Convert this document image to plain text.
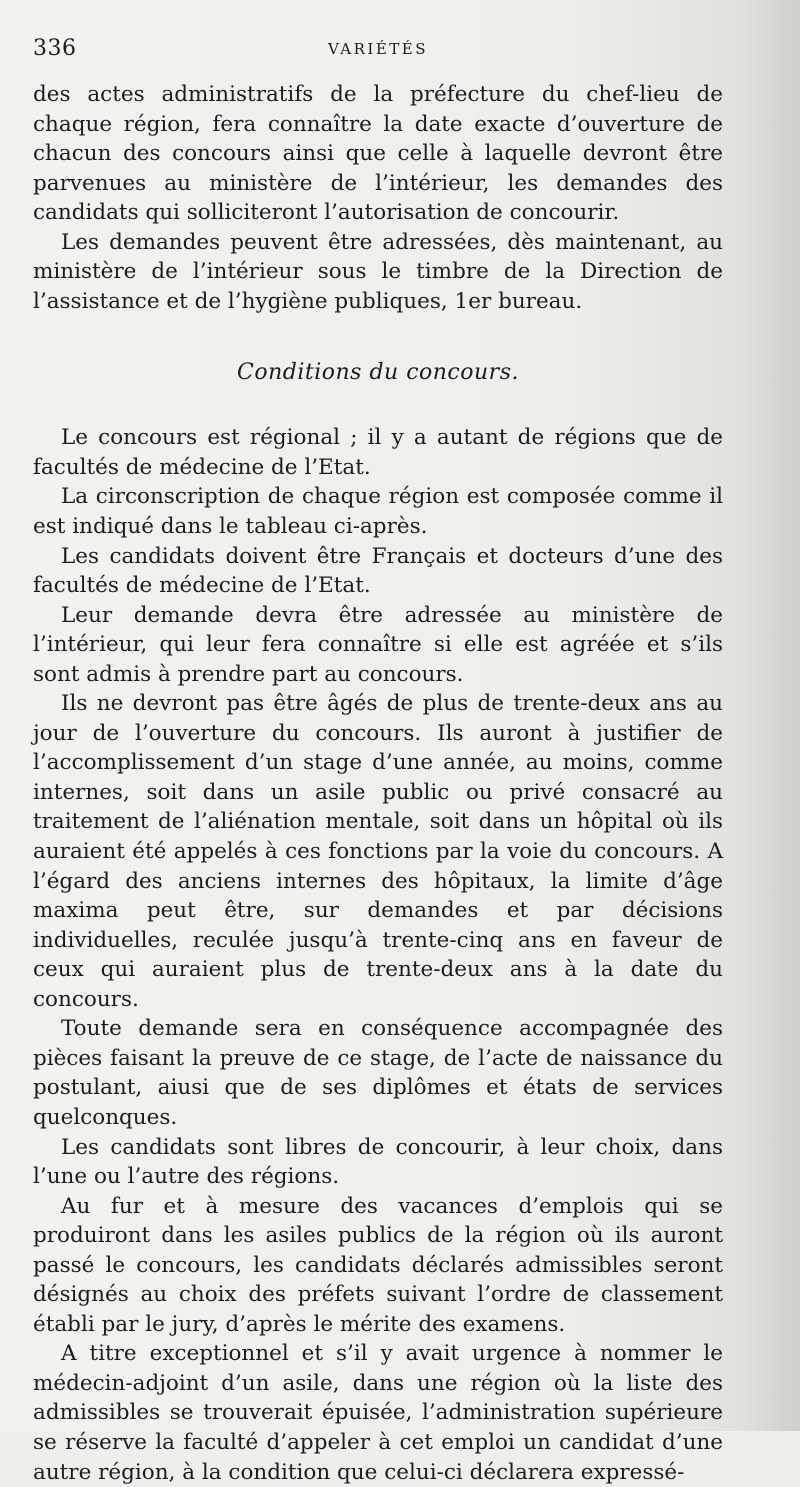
336	VARIÉTÉS

des actes administratifs de la préfecture du chef-lieu de chaque région, fera connaître la date exacte d’ouverture de chacun des concours ainsi que celle à laquelle devront être parvenues au ministère de l’intérieur, les demandes des candidats qui solliciteront l’autorisation de concourir.

Les demandes peuvent être adressées, dès maintenant, au ministère de l’intérieur sous le timbre de la Direction de l’assistance et de l’hygiène publiques, 1er bureau.

Conditions du concours.

Le concours est régional ; il y a autant de régions que de facultés de médecine de l’Etat.

La circonscription de chaque région est composée comme il est indiqué dans le tableau ci-après.

Les candidats doivent être Français et docteurs d’une des facultés de médecine de l’Etat.

Leur demande devra être adressée au ministère de l’intérieur, qui leur fera connaître si elle est agréée et s’ils sont admis à prendre part au concours.

Ils ne devront pas être âgés de plus de trente-deux ans au jour de l’ouverture du concours. Ils auront à justifier de l’accomplissement d’un stage d’une année, au moins, comme internes, soit dans un asile public ou privé consacré au traitement de l’aliénation mentale, soit dans un hôpital où ils auraient été appelés à ces fonctions par la voie du concours. A l’égard des anciens internes des hôpitaux, la limite d’âge maxima peut être, sur demandes et par décisions individuelles, reculée jusqu’à trente-cinq ans en faveur de ceux qui auraient plus de trente-deux ans à la date du concours.

Toute demande sera en conséquence accompagnée des pièces faisant la preuve de ce stage, de l’acte de naissance du postulant, aiusi que de ses diplômes et états de services quelconques.

Les candidats sont libres de concourir, à leur choix, dans l’une ou l’autre des régions.

Au fur et à mesure des vacances d’emplois qui se produiront dans les asiles publics de la région où ils auront passé le concours, les candidats déclarés admissibles seront désignés au choix des préfets suivant l’ordre de classement établi par le jury, d’après le mérite des examens.

A titre exceptionnel et s’il y avait urgence à nommer le médecin-adjoint d’un asile, dans une région où la liste des admissibles se trouverait épuisée, l’administration supérieure se réserve la faculté d’appeler à cet emploi un candidat d’une autre région, à la condition que celui-ci déclarera expressé-
